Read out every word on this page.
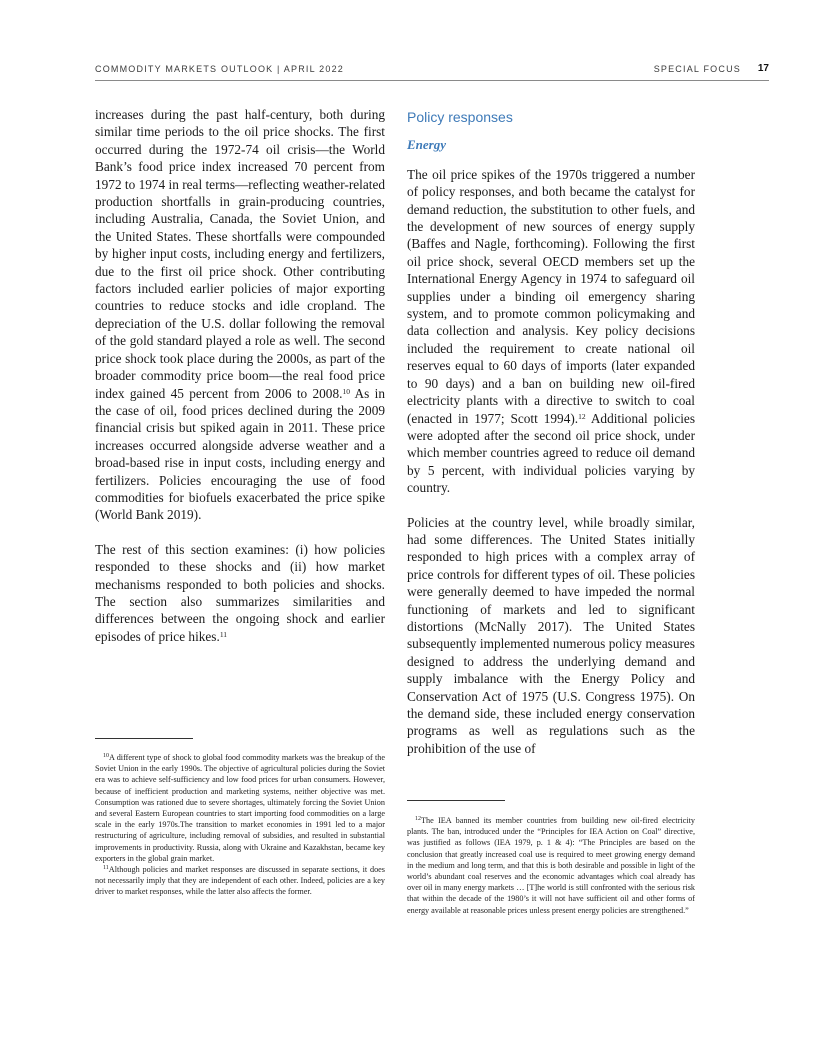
COMMODITY MARKETS OUTLOOK | APRIL 2022	SPECIAL FOCUS 17

increases during the past half-century, both during similar time periods to the oil price shocks. The first occurred during the 1972-74 oil crisis—the World Bank’s food price index increased 70 percent from 1972 to 1974 in real terms—reflecting weather-related production shortfalls in grain-producing countries, including Australia, Canada, the Soviet Union, and the United States. These shortfalls were compounded by higher input costs, including energy and fertilizers, due to the first oil price shock. Other contributing factors included earlier policies of major exporting countries to reduce stocks and idle cropland. The depreciation of the U.S. dollar following the removal of the gold standard played a role as well. The second price shock took place during the 2000s, as part of the broader commodity price boom—the real food price index gained 45 percent from 2006 to 2008.10 As in the case of oil, food prices declined during the 2009 financial crisis but spiked again in 2011. These price increases occurred alongside adverse weather and a broad-based rise in input costs, including energy and fertilizers. Policies encouraging the use of food commodities for biofuels exacerbated the price spike (World Bank 2019).

The rest of this section examines: (i) how policies responded to these shocks and (ii) how market mechanisms responded to both policies and shocks. The section also summarizes similarities and differences between the ongoing shock and earlier episodes of price hikes.$^{11}$

Policy responses
Energy

The oil price spikes of the 1970s triggered a number of policy responses, and both became the catalyst for demand reduction, the substitution to other fuels, and the development of new sources of energy supply (Baffes and Nagle, forthcoming). Following the first oil price shock, several OECD members set up the International Energy Agency in 1974 to safeguard oil supplies under a binding oil emergency sharing system, and to promote common policymaking and data collection and analysis. Key policy decisions included the requirement to create national oil reserves equal to 60 days of imports (later expanded to 90 days) and a ban on building new oil-fired electricity plants with a directive to switch to coal (enacted in 1977; Scott 1994).$^{12}$ Additional policies were adopted after the second oil price shock, under which member countries agreed to reduce oil demand by 5 percent, with individual policies varying by country.

Policies at the country level, while broadly similar, had some differences. The United States initially responded to high prices with a complex array of price controls for different types of oil. These policies were generally deemed to have impeded the normal functioning of markets and led to significant distortions (McNally 2017). The United States subsequently implemented numerous policy measures designed to address the underlying demand and supply imbalance with the Energy Policy and Conservation Act of 1975 (U.S. Congress 1975). On the demand side, these included energy conservation programs as well as regulations such as the prohibition of the use of

$^{10}$A different type of shock to global food commodity markets was the breakup of the Soviet Union in the early 1990s. The objective of agricultural policies during the Soviet era was to achieve self-sufficiency and low food prices for urban consumers. However, because of inefficient production and marketing systems, neither objective was met. Consumption was rationed due to severe shortages, ultimately forcing the Soviet Union and several Eastern European countries to start importing food commodities on a large scale in the early 1970s.The transition to market economies in 1991 led to a major restructuring of agriculture, including removal of subsidies, and resulted in substantial improvements in productivity. Russia, along with Ukraine and Kazakhstan, became key exporters in the global grain market.

$^{11}$Although policies and market responses are discussed in separate sections, it does not necessarily imply that they are independent of each other. Indeed, policies are a key driver to market responses, while the latter also affects the former.

$^{12}$The IEA banned its member countries from building new oil-fired electricity plants. The ban, introduced under the “Principles for IEA Action on Coal” directive, was justified as follows (IEA 1979, p. 1 & 4): “The Principles are based on the conclusion that greatly increased coal use is required to meet growing energy demand in the medium and long term, and that this is both desirable and possible in light of the world’s abundant coal reserves and the economic advantages which coal already has over oil in many energy markets … [T]he world is still confronted with the serious risk that within the decade of the 1980’s it will not have sufficient oil and other forms of energy available at reasonable prices unless present energy policies are strengthened.”
